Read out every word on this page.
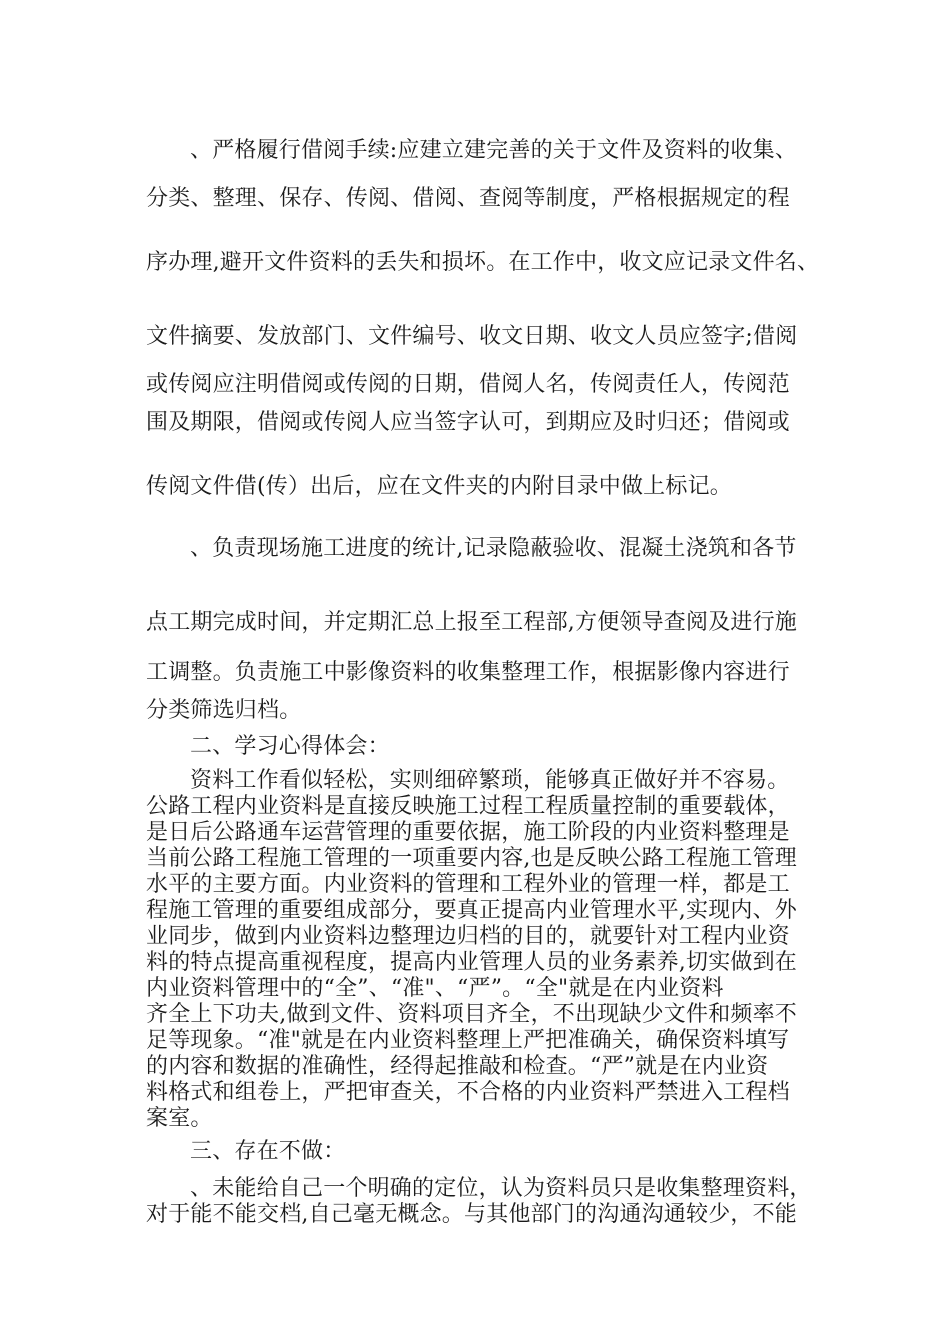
、严格履行借阅手续:应建立建完善的关于文件及资料的收集、
分类、整理、保存、传阅、借阅、查阅等制度，严格根据规定的程
序办理,避开文件资料的丢失和损坏。在工作中，收文应记录文件名、
文件摘要、发放部门、文件编号、收文日期、收文人员应签字;借阅
或传阅应注明借阅或传阅的日期，借阅人名，传阅责任人，传阅范
围及期限，借阅或传阅人应当签字认可，到期应及时归还；借阅或
传阅文件借(传）出后，应在文件夹的内附目录中做上标记。
、负责现场施工进度的统计,记录隐蔽验收、混凝土浇筑和各节
点工期完成时间，并定期汇总上报至工程部,方便领导查阅及进行施
工调整。负责施工中影像资料的收集整理工作，根据影像内容进行
分类筛选归档。
二、学习心得体会：
资料工作看似轻松，实则细碎繁琐，能够真正做好并不容易。
公路工程内业资料是直接反映施工过程工程质量控制的重要载体，
是日后公路通车运营管理的重要依据，施工阶段的内业资料整理是
当前公路工程施工管理的一项重要内容,也是反映公路工程施工管理
水平的主要方面。内业资料的管理和工程外业的管理一样，都是工
程施工管理的重要组成部分，要真正提高内业管理水平,实现内、外
业同步，做到内业资料边整理边归档的目的，就要针对工程内业资
料的特点提高重视程度，提高内业管理人员的业务素养,切实做到在
内业资料管理中的“全”、“准"、“严”。“全"就是在内业资料
齐全上下功夫,做到文件、资料项目齐全，不出现缺少文件和频率不
足等现象。“准"就是在内业资料整理上严把准确关，确保资料填写
的内容和数据的准确性，经得起推敲和检查。“严”就是在内业资
料格式和组卷上，严把审查关，不合格的内业资料严禁进入工程档
案室。
三、存在不做：
、未能给自己一个明确的定位，认为资料员只是收集整理资料，
对于能不能交档,自己毫无概念。与其他部门的沟通沟通较少，不能
